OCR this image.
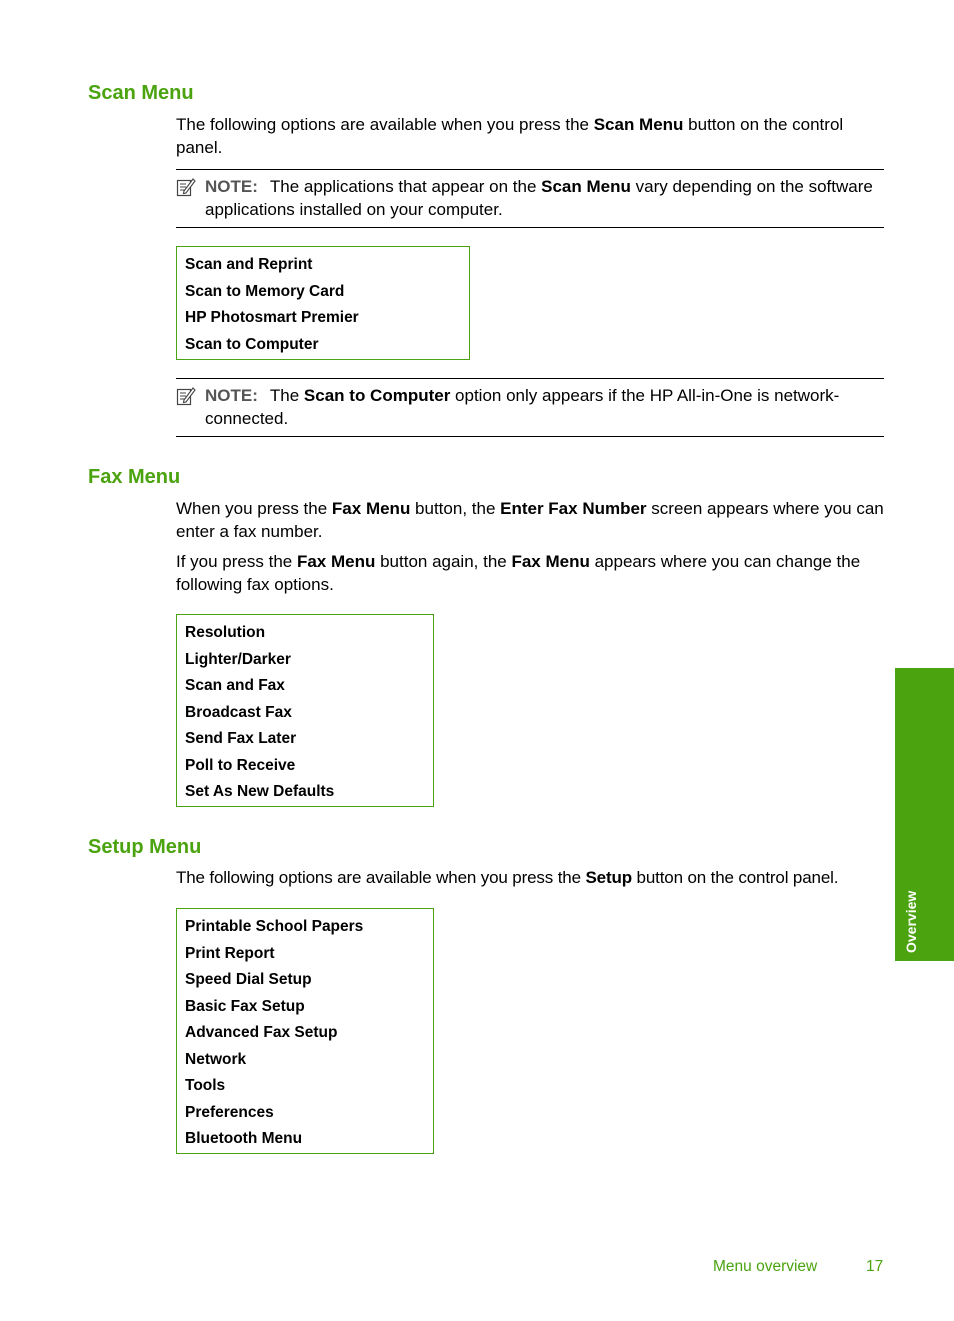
Scan Menu

The following options are available when you press the Scan Menu button on the control panel.

NOTE: The applications that appear on the Scan Menu vary depending on the software applications installed on your computer.
Scan and Reprint
Scan to Memory Card
HP Photosmart Premier
Scan to Computer
NOTE: The Scan to Computer option only appears if the HP All-in-One is network-connected.
Fax Menu

When you press the Fax Menu button, the Enter Fax Number screen appears where you can enter a fax number.

If you press the Fax Menu button again, the Fax Menu appears where you can change the following fax options.

Resolution
Lighter/Darker
Scan and Fax
Broadcast Fax
Send Fax Later
Poll to Receive
Set As New Defaults
Setup Menu

The following options are available when you press the Setup button on the control panel.

Printable School Papers
Print Report
Speed Dial Setup
Basic Fax Setup
Advanced Fax Setup
Network
Tools
Preferences
Bluetooth Menu
Overview
Menu overview	17
